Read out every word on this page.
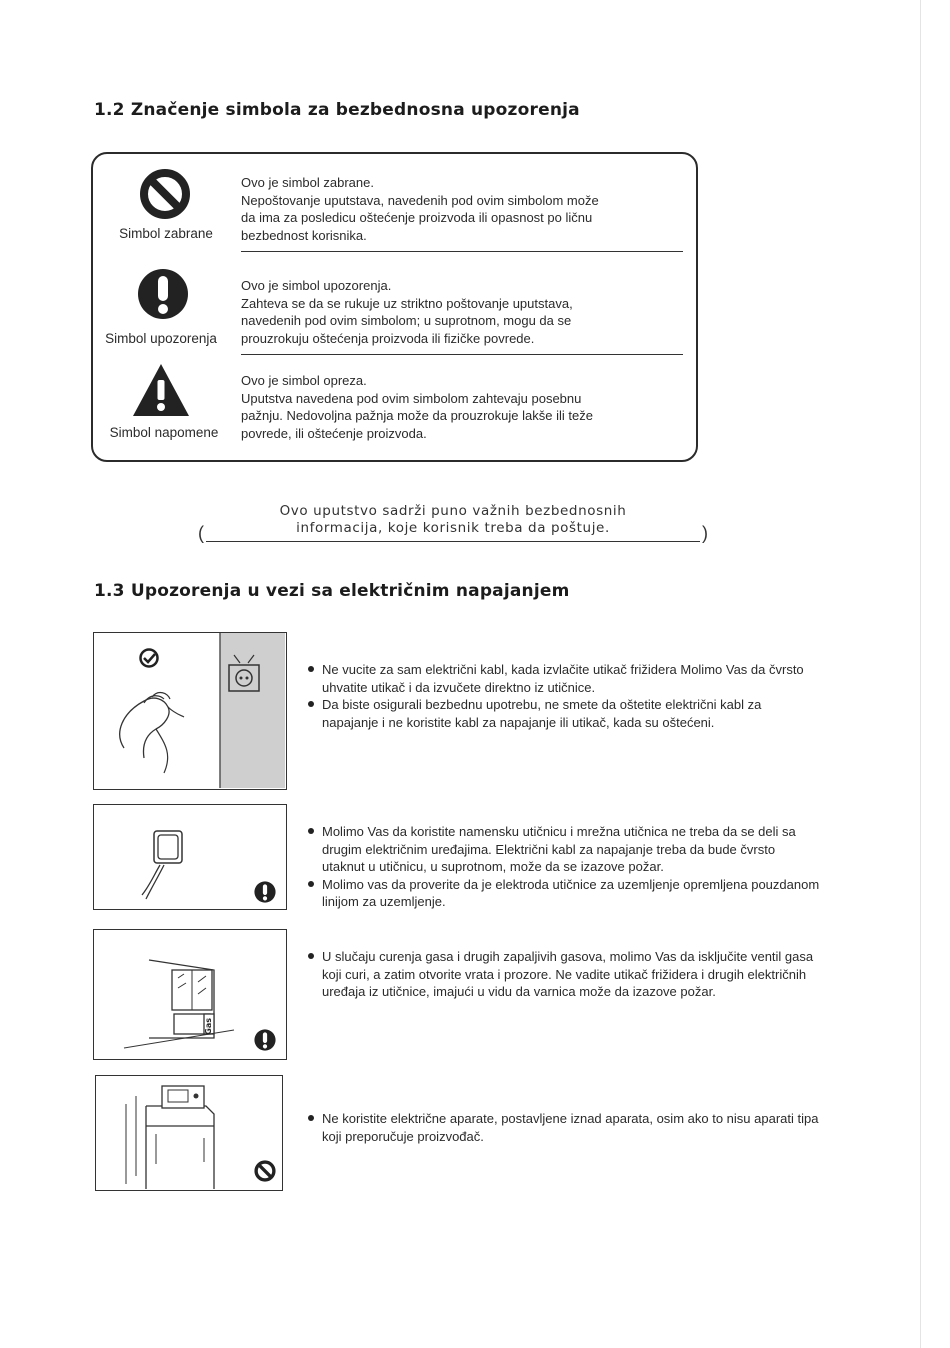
1.2 Značenje simbola za bezbednosna upozorenja
Simbol zabrane

Ovo je simbol zabrane.

Nepoštovanje uputstava, navedenih pod ovim simbolom može

da ima za posledicu oštećenje proizvoda ili opasnost po ličnu

bezbednost korisnika.

Simbol upozorenja

Ovo je simbol upozorenja.

Zahteva se da se rukuje uz striktno poštovanje uputstava,

navedenih pod ovim simbolom; u suprotnom, mogu da se

prouzrokuju oštećenja proizvoda ili fizičke povrede.

Simbol napomene

Ovo je simbol opreza.

Uputstva navedena pod ovim simbolom zahtevaju posebnu

pažnju. Nedovoljna pažnja može da prouzrokuje lakše ili teže

povrede, ili oštećenje proizvoda.

Ovo uputstvo sadrži puno važnih bezbednosnih
informacija, koje korisnik treba da poštuje.
(	)
1.3 Upozorenja u vezi sa električnim napajanjem
Ne vucite za sam električni kabl, kada izvlačite utikač frižidera Molimo Vas da čvrsto uhvatite utikač i da izvučete direktno iz utičnice.
Da biste osigurali bezbednu upotrebu, ne smete da oštetite električni kabl za napajanje i ne koristite kabl za napajanje ili utikač, kada su oštećeni.
Molimo Vas da koristite namensku utičnicu i mrežna utičnica ne treba da se deli sa drugim električnim uređajima. Električni kabl za napajanje treba da bude čvrsto utaknut u utičnicu, u suprotnom, može da se izazove požar.
Molimo vas da proverite da je elektroda utičnice za uzemljenje opremljena pouzdanom linijom za uzemljenje.
Gas
U slučaju curenja gasa i drugih zapaljivih gasova, molimo Vas da isključite ventil gasa koji curi, a zatim otvorite vrata i prozore. Ne vadite utikač frižidera i drugih električnih uređaja iz utičnice, imajući u vidu da varnica može da izazove požar.
Ne koristite električne aparate, postavljene iznad aparata, osim ako to nisu aparati tipa koji preporučuje proizvođač.
